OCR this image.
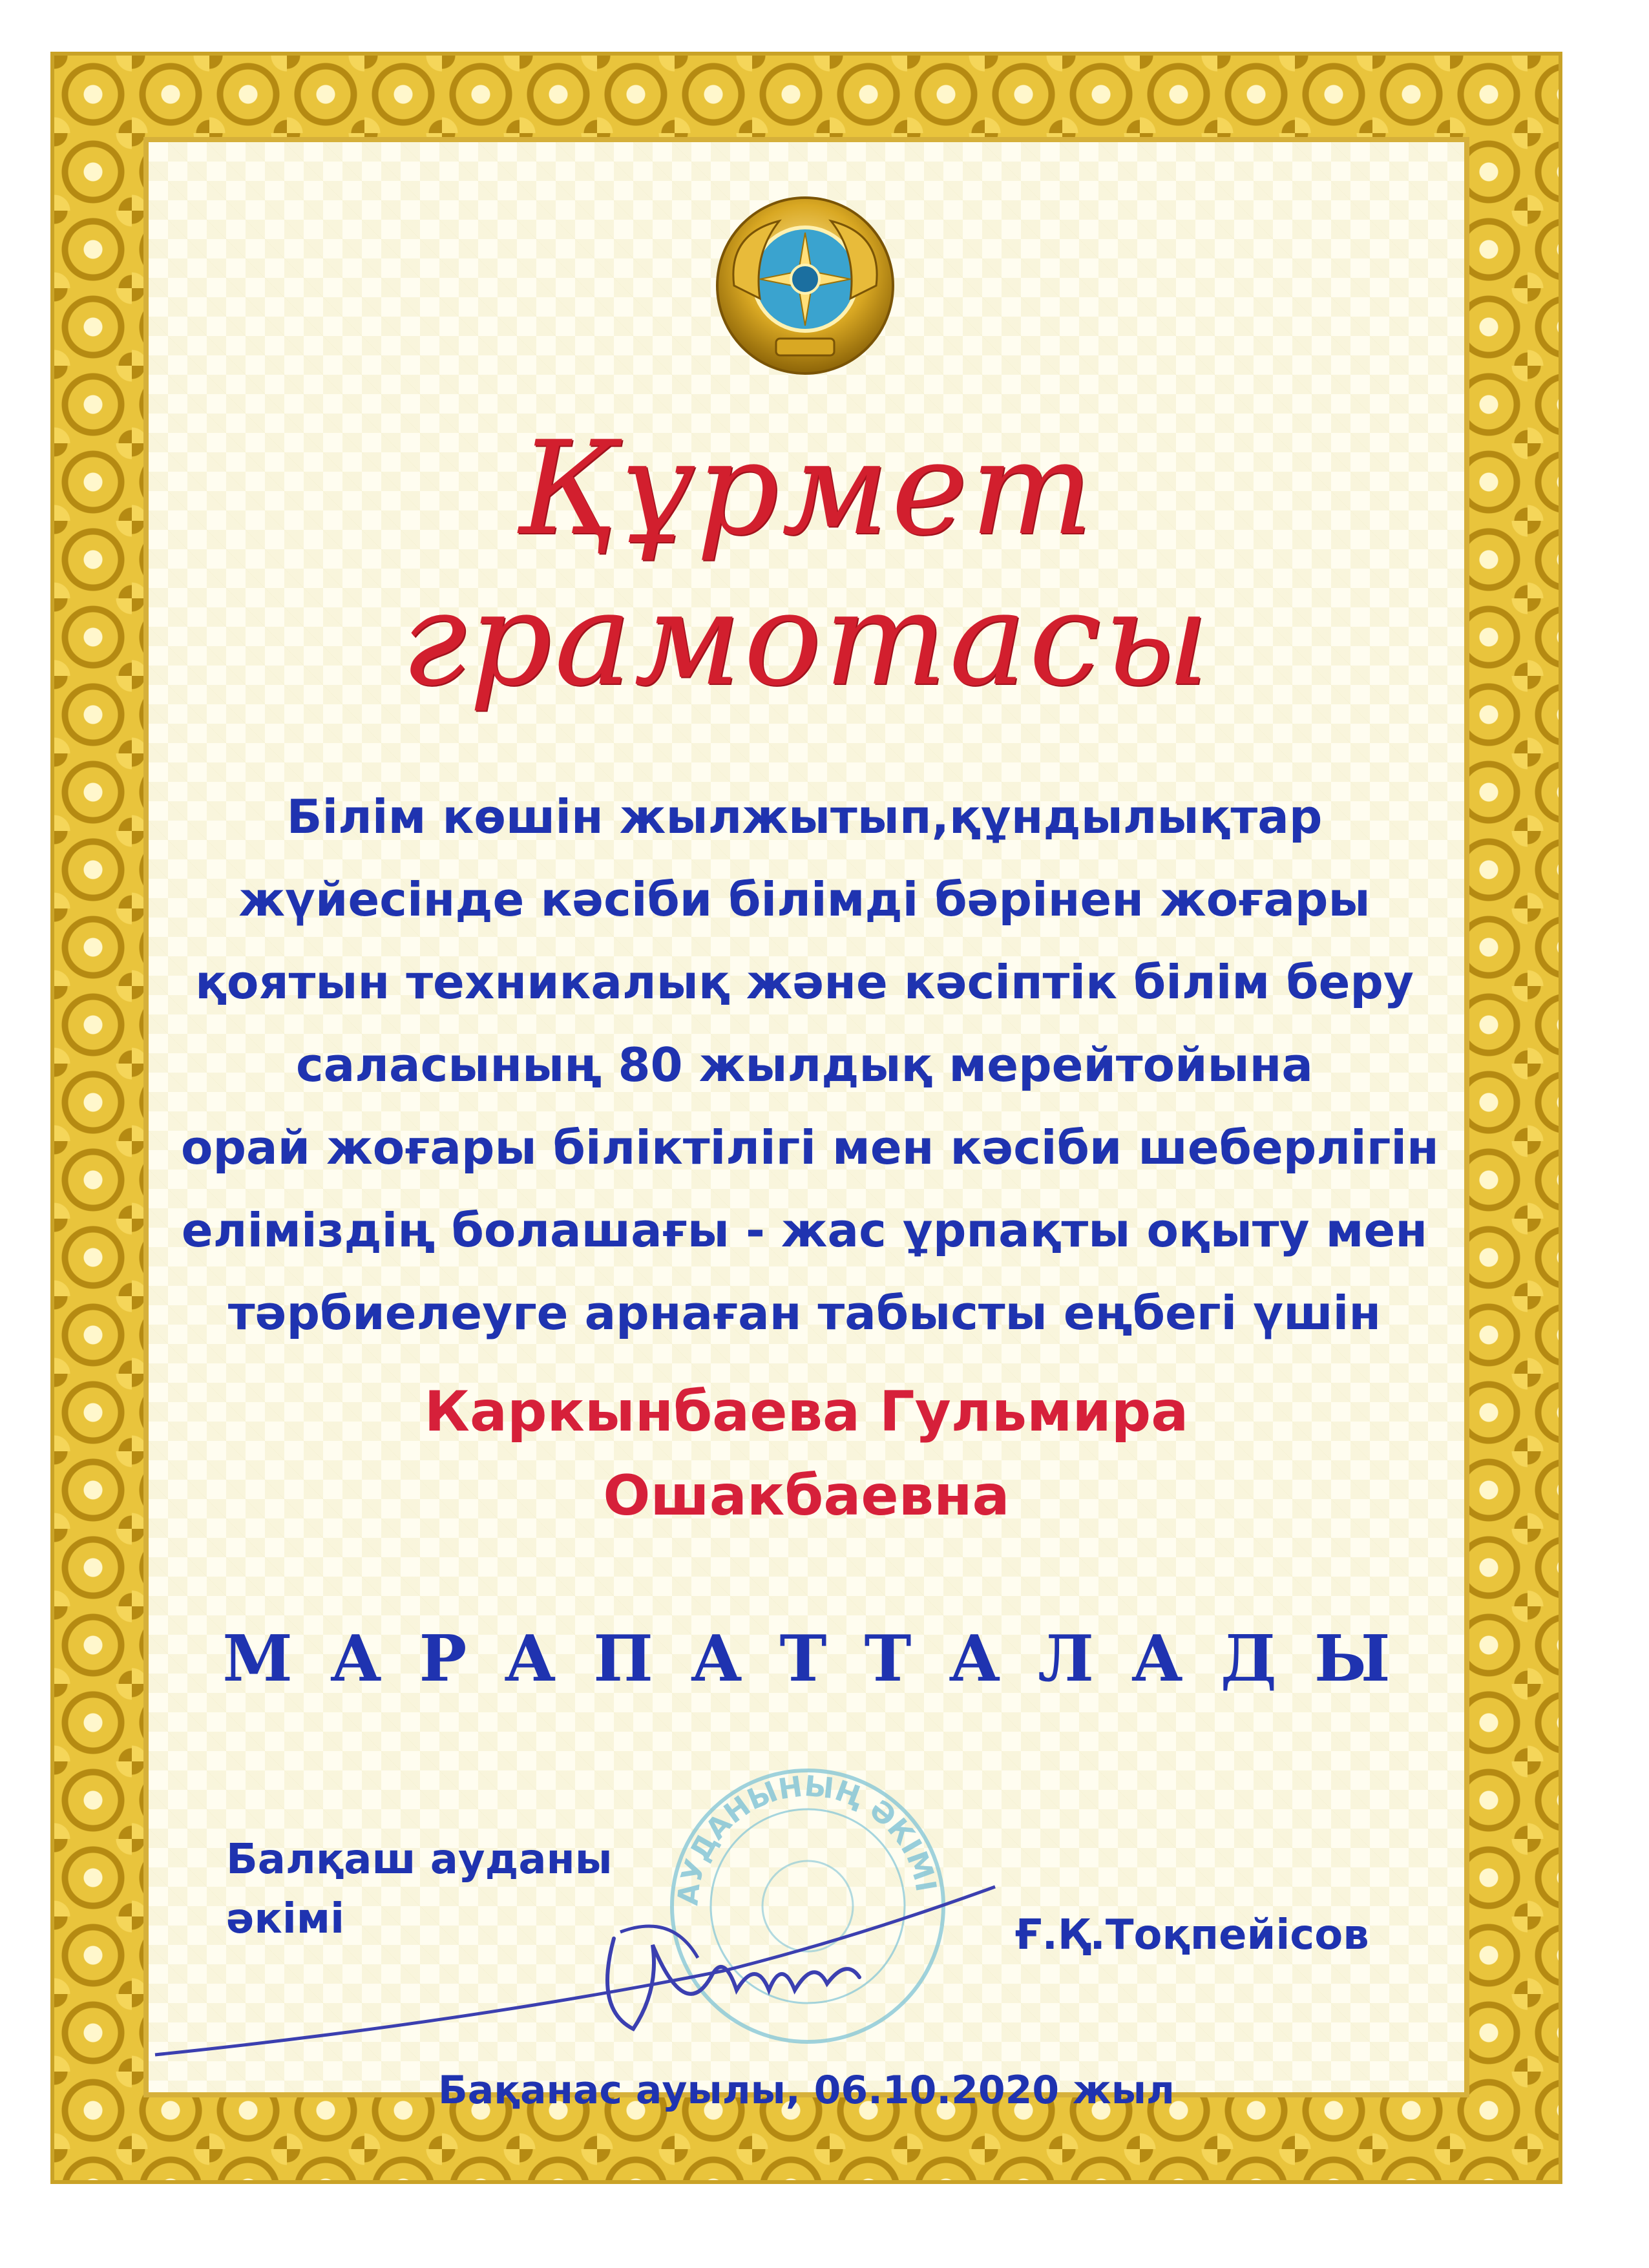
Құрмет грамотасы
Білім көшін жылжытып,құндылықтар
жүйесінде кәсіби білімді бәрінен жоғары
қоятын техникалық және кәсіптік білім беру
саласының 80 жылдық мерейтойына
орай жоғары біліктілігі мен кәсіби шеберлігін
еліміздің болашағы - жас ұрпақты оқыту мен
тәрбиелеуге арнаған табысты еңбегі үшін
Каркынбаева Гульмира
Ошакбаевна
МАРАПАТТАЛАДЫ
АУДАНЫНЫҢ ӘКІМІ
Балқаш ауданы
әкімі	Ғ.Қ.Тоқпейісов
Бақанас ауылы, 06.10.2020 жыл
